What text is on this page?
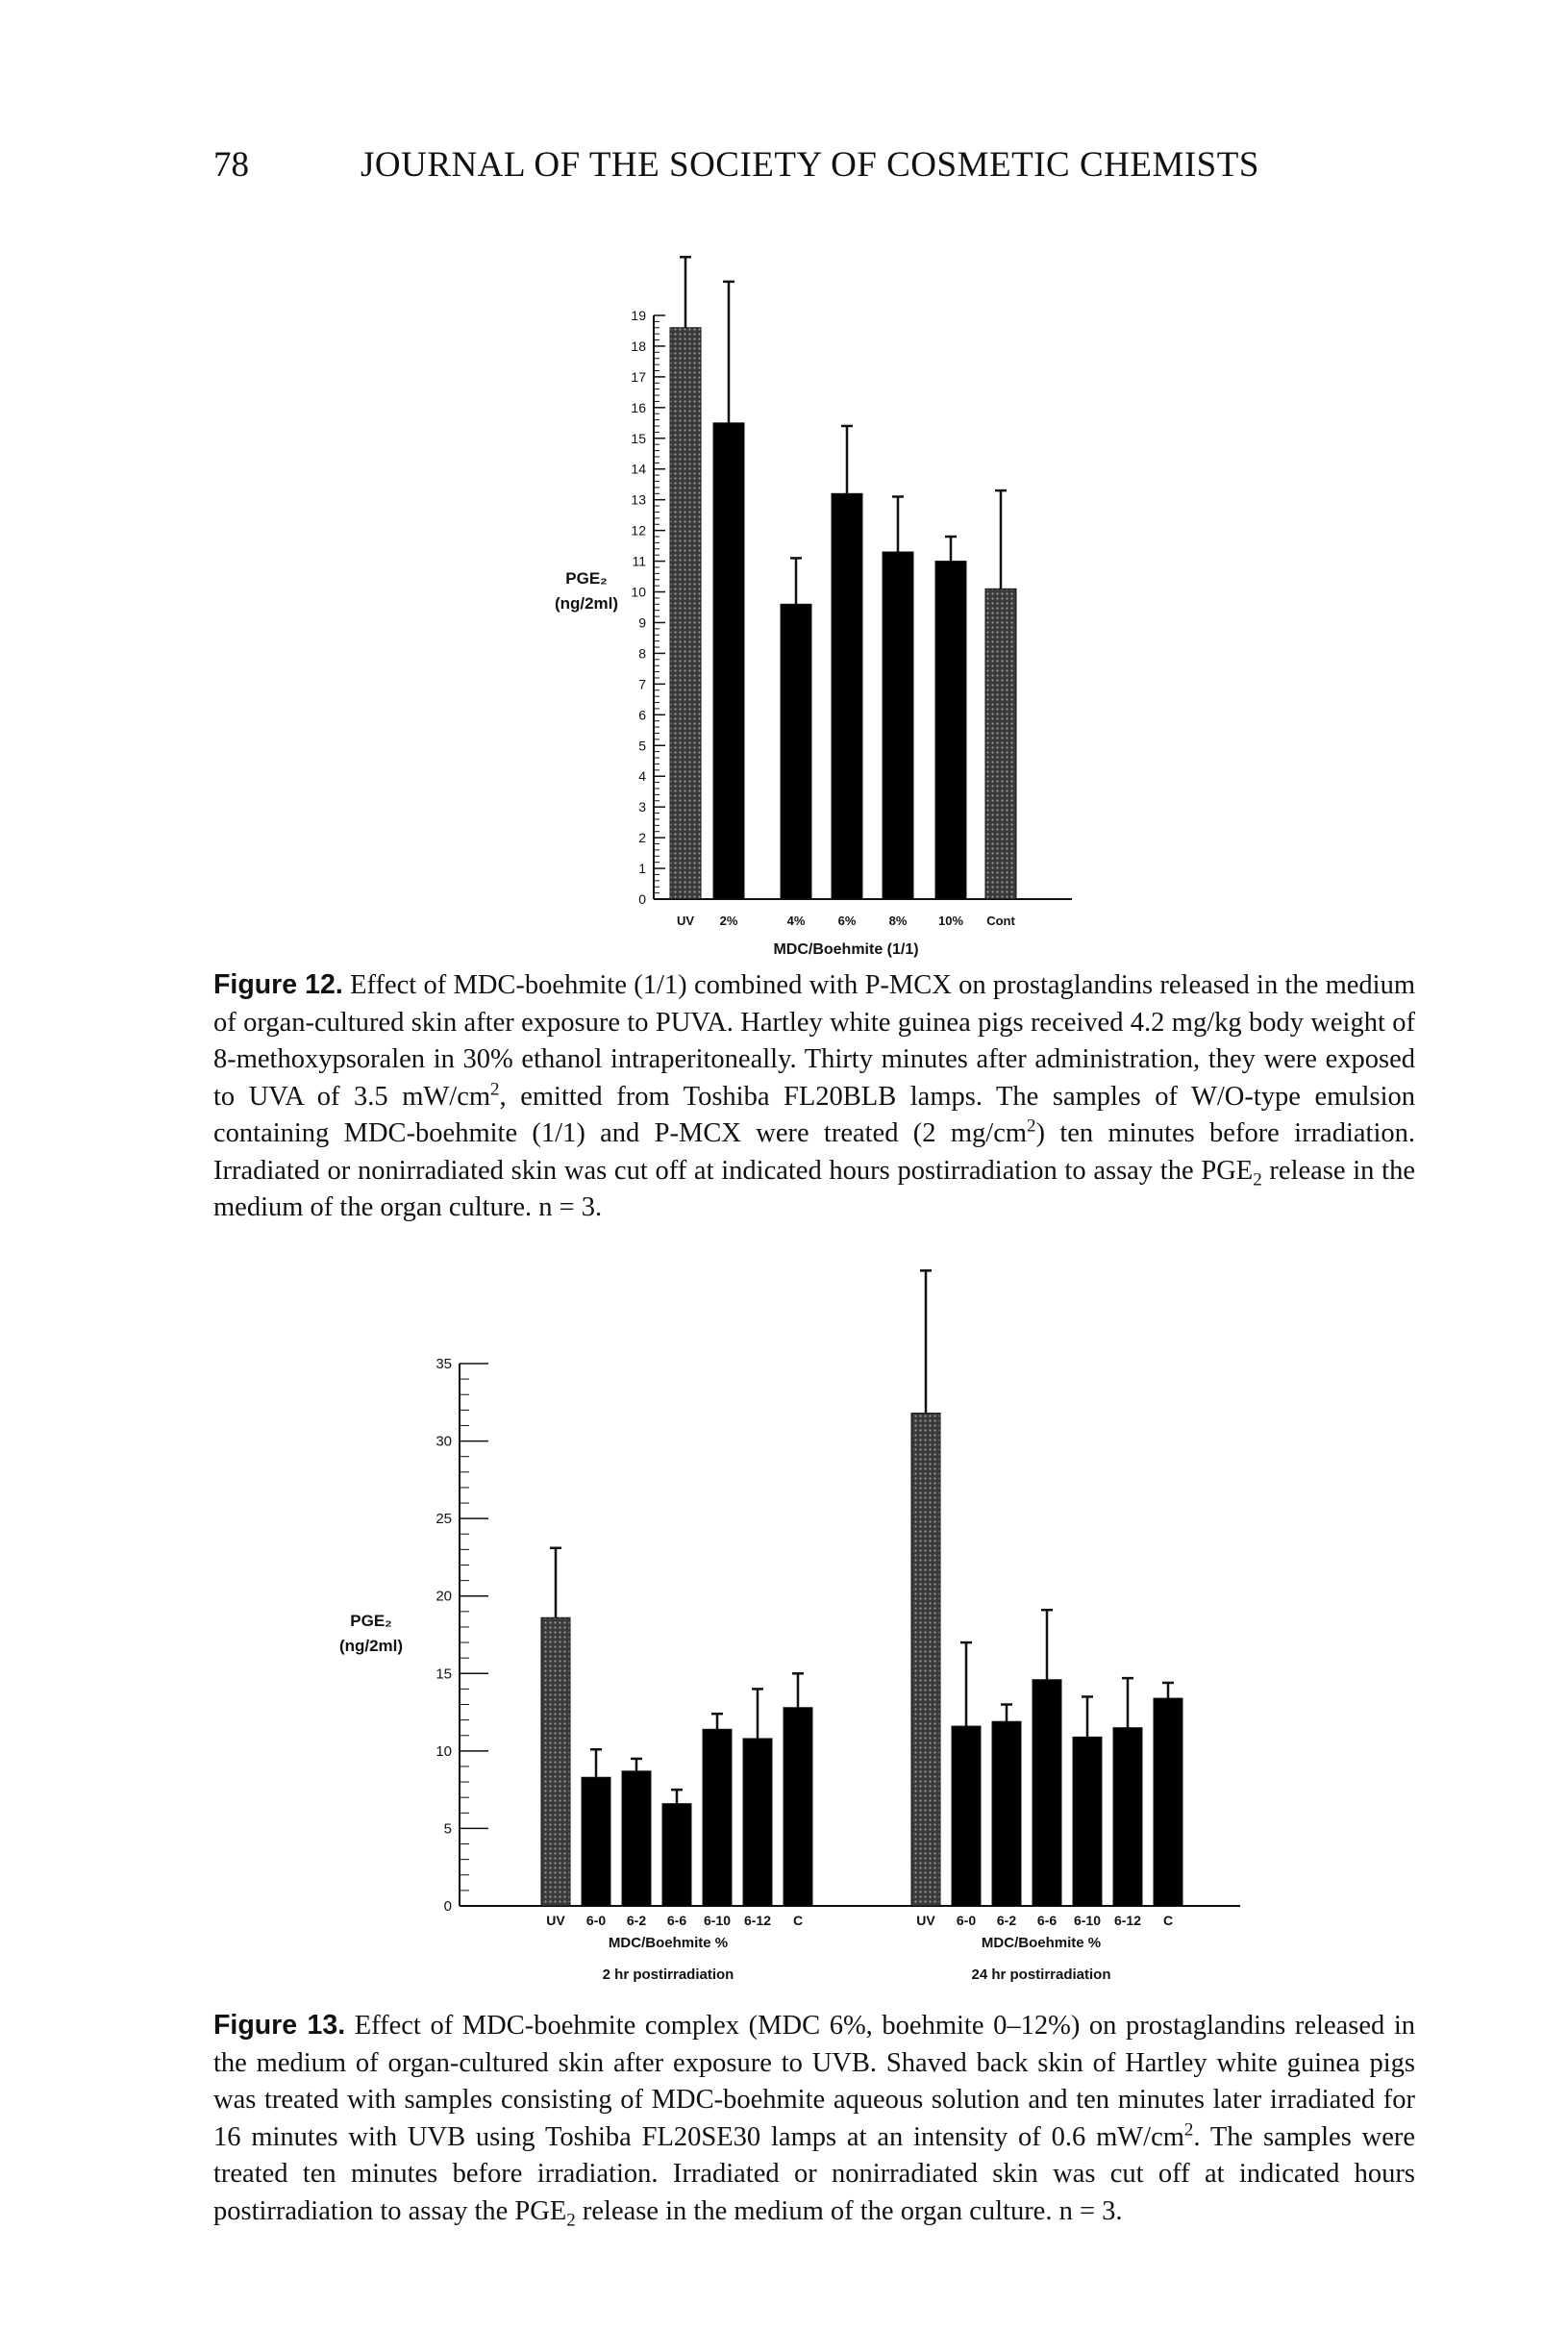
78	JOURNAL OF THE SOCIETY OF COSMETIC CHEMISTS
0
1
2
3
4
5
6
7
8
9
10
11
12
13
14
15
16
17
18
19
UV 2%	4%	6%	8%	10% Cont
PGE₂
(ng/2ml)
MDC/Boehmite (1/1)
Figure 12. Effect of MDC-boehmite (1/1) combined with P-MCX on prostaglandins released in the medium of organ-cultured skin after exposure to PUVA. Hartley white guinea pigs received 4.2 mg/kg body weight of 8-methoxypsoralen in 30% ethanol intraperitoneally. Thirty minutes after administration, they were exposed to UVA of 3.5 $mW/cm^2$, emitted from Toshiba FL20BLB lamps. The samples of W/O-type emulsion containing MDC-boehmite (1/1) and P-MCX were treated (2 $mg/cm^2$) ten minutes before irradiation. Irradiated or nonirradiated skin was cut off at indicated hours postirradiation to assay the $PGE_2$ release in the medium of the organ culture. n = 3.
0
5
10
15
20
25
30
35
UV 6-0 6-2 6-6 6-10 6-12 C	UV 6-0 6-2 6-6 6-10 6-12 C
PGE₂
(ng/2ml)
MDC/Boehmite %
2 hr postirradiation
MDC/Boehmite %
24 hr postirradiation
Figure 13. Effect of MDC-boehmite complex (MDC 6%, boehmite 0–12%) on prostaglandins released in the medium of organ-cultured skin after exposure to UVB. Shaved back skin of Hartley white guinea pigs was treated with samples consisting of MDC-boehmite aqueous solution and ten minutes later irradiated for 16 minutes with UVB using Toshiba FL20SE30 lamps at an intensity of 0.6 $mW/cm^2$. The samples were treated ten minutes before irradiation. Irradiated or nonirradiated skin was cut off at indicated hours postirradiation to assay the $PGE_2$ release in the medium of the organ culture. n = 3.
